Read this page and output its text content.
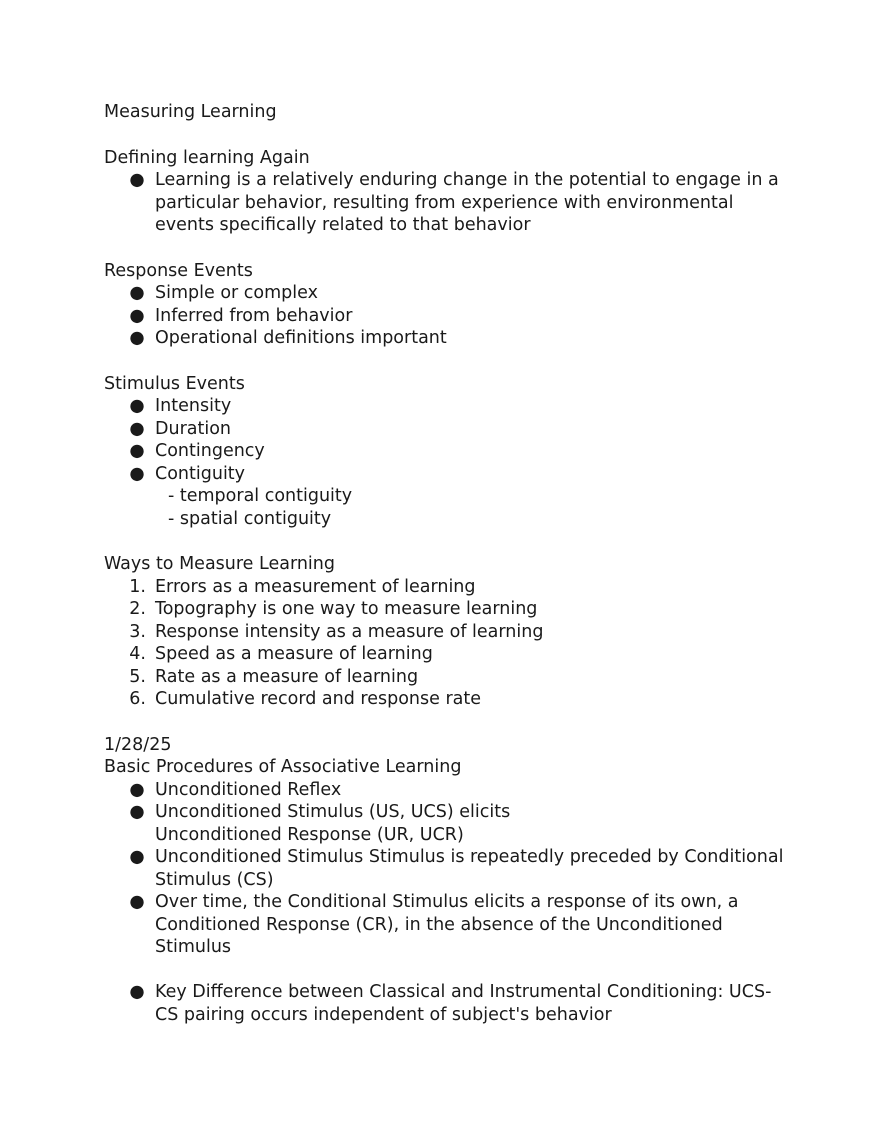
Measuring Learning
Defining learning Again
● Learning is a relatively enduring change in the potential to engage in a particular behavior, resulting from experience with environmental events specifically related to that behavior
Response Events
● Simple or complex
● Inferred from behavior
● Operational definitions important
Stimulus Events
● Intensity
● Duration
● Contingency
● Contiguity
- temporal contiguity
- spatial contiguity
Ways to Measure Learning
1. Errors as a measurement of learning
2. Topography is one way to measure learning
3. Response intensity as a measure of learning
4. Speed as a measure of learning
5. Rate as a measure of learning
6. Cumulative record and response rate
1/28/25
Basic Procedures of Associative Learning
● Unconditioned Reflex
● Unconditioned Stimulus (US, UCS) elicits
Unconditioned Response (UR, UCR)
● Unconditioned Stimulus Stimulus is repeatedly preceded by Conditional Stimulus (CS)
● Over time, the Conditional Stimulus elicits a response of its own, a Conditioned Response (CR), in the absence of the Unconditioned Stimulus
● Key Difference between Classical and Instrumental Conditioning: UCS-CS pairing occurs independent of subject's behavior
